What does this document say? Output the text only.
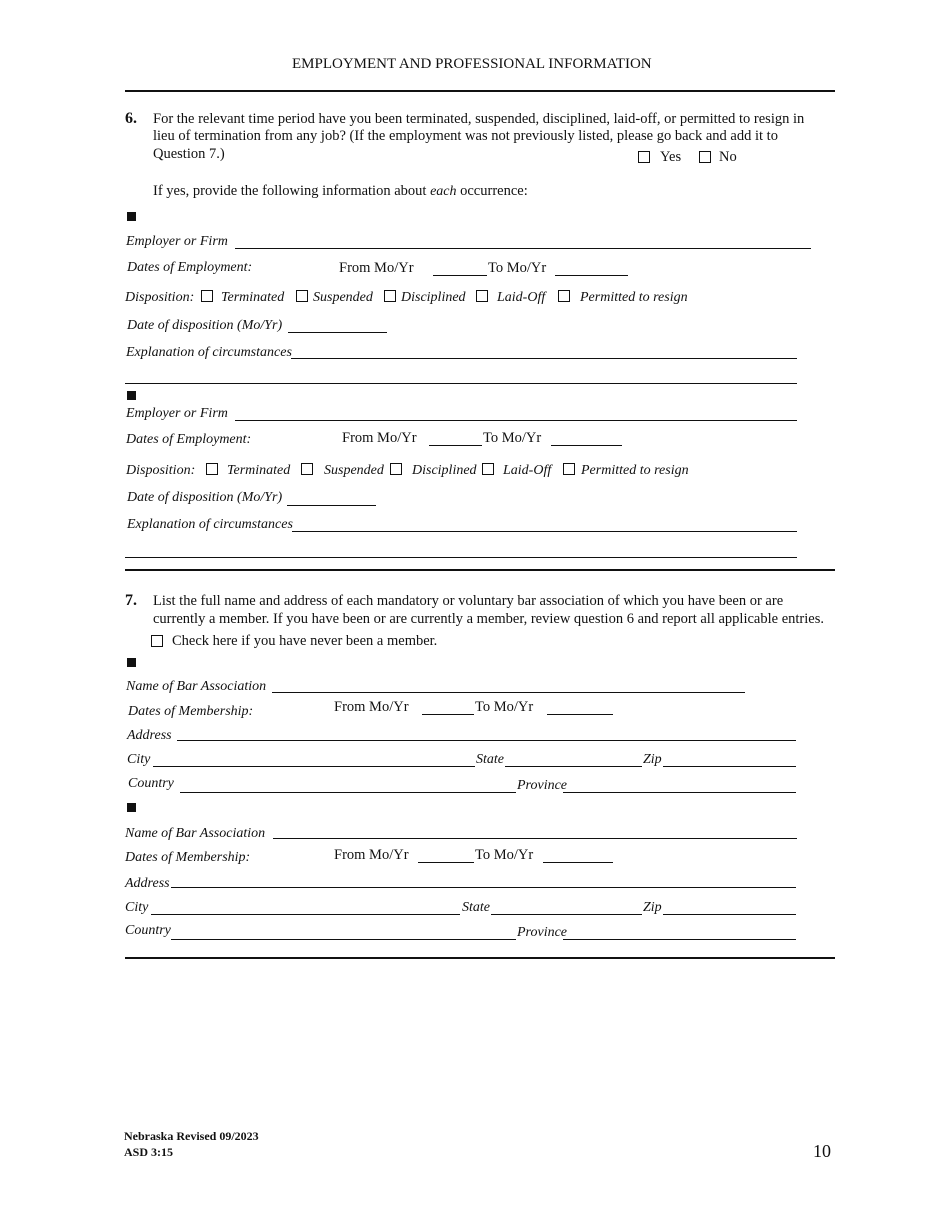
EMPLOYMENT AND PROFESSIONAL INFORMATION
6. For the relevant time period have you been terminated, suspended, disciplined, laid-off, or permitted to resign in
lieu of termination from any job? (If the employment was not previously listed, please go back and add it to
Question 7.)	Yes	No
If yes, provide the following information about each occurrence:
Employer or Firm
Dates of Employment:	From Mo/Yr	To Mo/Yr
Disposition: Terminated Suspended Disciplined Laid-Off Permitted to resign
Date of disposition (Mo/Yr)
Explanation of circumstances
Employer or Firm
Dates of Employment:	From Mo/Yr	To Mo/Yr
Disposition: Terminated Suspended Disciplined Laid-Off Permitted to resign
Date of disposition (Mo/Yr)
Explanation of circumstances
7. List the full name and address of each mandatory or voluntary bar association of which you have been or are
currently a member. If you have been or are currently a member, review question 6 and report all applicable entries.
Check here if you have never been a member.
Name of Bar Association
Dates of Membership:	From Mo/Yr	To Mo/Yr
Address
City	State	Zip
Country	Province
Name of Bar Association
Dates of Membership:	From Mo/Yr	To Mo/Yr
Address
City	State	Zip
Country	Province
Nebraska Revised 09/2023
ASD 3:15	10
